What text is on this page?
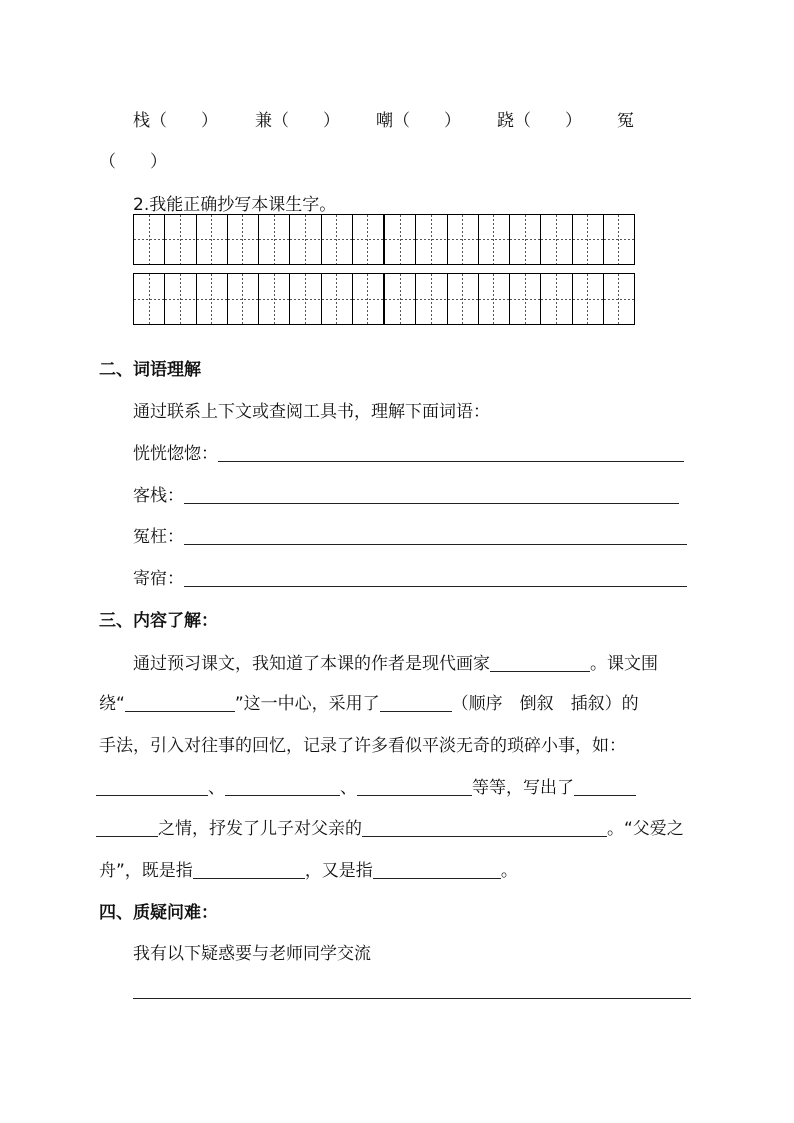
栈（　　） 兼（　　） 嘲（　　） 跷（　　） 冤
（　　）
2.我能正确抄写本课生字。
二、词语理解
通过联系上下文或查阅工具书，理解下面词语：
恍恍惚惚：
客栈：
冤枉：
寄宿：
三、内容了解：
通过预习课文，我知道了本课的作者是现代画家	。课文围
绕“	”这一中心，采用了	（顺序　倒叙　插叙）的
手法，引入对往事的回忆，记录了许多看似平淡无奇的琐碎小事，如：
、	、	等等，写出了
之情，抒发了儿子对父亲的	。“父爱之
舟”，既是指	，又是指	。
四、质疑问难：
我有以下疑惑要与老师同学交流
